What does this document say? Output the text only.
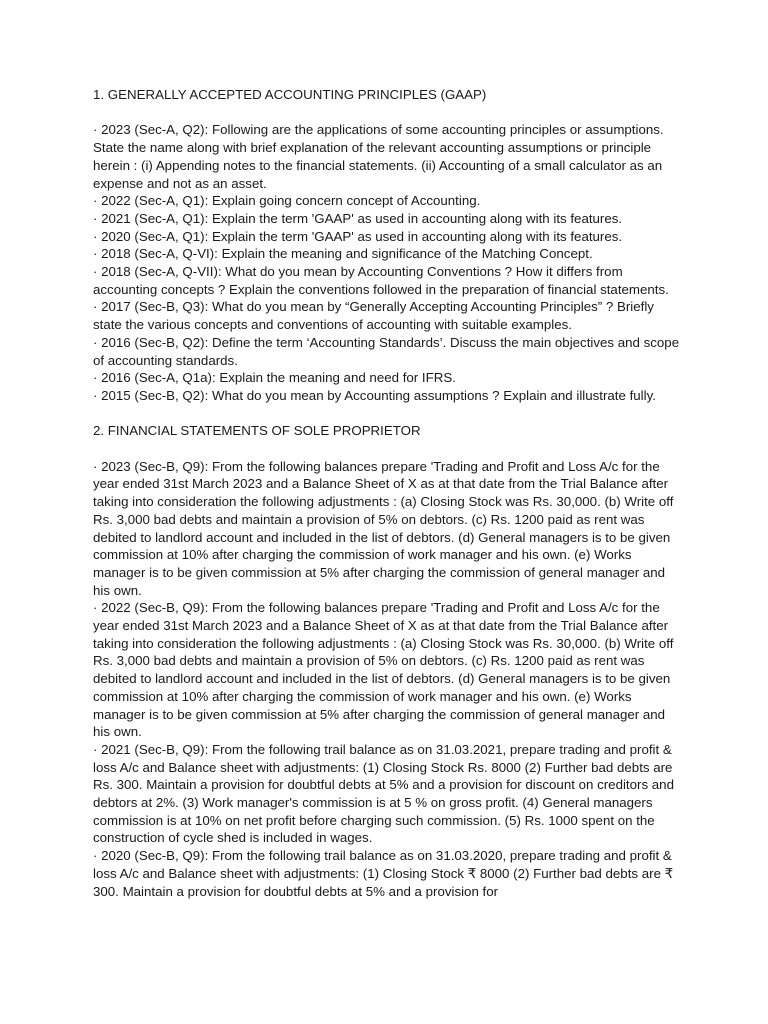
1. GENERALLY ACCEPTED ACCOUNTING PRINCIPLES (GAAP)
· 2023 (Sec-A, Q2): Following are the applications of some accounting principles or assumptions. State the name along with brief explanation of the relevant accounting assumptions or principle herein : (i) Appending notes to the financial statements. (ii) Accounting of a small calculator as an expense and not as an asset.
· 2022 (Sec-A, Q1): Explain going concern concept of Accounting.
· 2021 (Sec-A, Q1): Explain the term 'GAAP' as used in accounting along with its features.
· 2020 (Sec-A, Q1): Explain the term 'GAAP' as used in accounting along with its features.
· 2018 (Sec-A, Q-VI): Explain the meaning and significance of the Matching Concept.
· 2018 (Sec-A, Q-VII): What do you mean by Accounting Conventions ? How it differs from accounting concepts ? Explain the conventions followed in the preparation of financial statements.
· 2017 (Sec-B, Q3): What do you mean by “Generally Accepting Accounting Principles” ? Briefly state the various concepts and conventions of accounting with suitable examples.
· 2016 (Sec-B, Q2): Define the term ‘Accounting Standards’. Discuss the main objectives and scope of accounting standards.
· 2016 (Sec-A, Q1a): Explain the meaning and need for IFRS.
· 2015 (Sec-B, Q2): What do you mean by Accounting assumptions ? Explain and illustrate fully.
2. FINANCIAL STATEMENTS OF SOLE PROPRIETOR
· 2023 (Sec-B, Q9): From the following balances prepare 'Trading and Profit and Loss A/c for the year ended 31st March 2023 and a Balance Sheet of X as at that date from the Trial Balance after taking into consideration the following adjustments : (a) Closing Stock was Rs. 30,000. (b) Write off Rs. 3,000 bad debts and maintain a provision of 5% on debtors. (c) Rs. 1200 paid as rent was debited to landlord account and included in the list of debtors. (d) General managers is to be given commission at 10% after charging the commission of work manager and his own. (e) Works manager is to be given commission at 5% after charging the commission of general manager and his own.
· 2022 (Sec-B, Q9): From the following balances prepare 'Trading and Profit and Loss A/c for the year ended 31st March 2023 and a Balance Sheet of X as at that date from the Trial Balance after taking into consideration the following adjustments : (a) Closing Stock was Rs. 30,000. (b) Write off Rs. 3,000 bad debts and maintain a provision of 5% on debtors. (c) Rs. 1200 paid as rent was debited to landlord account and included in the list of debtors. (d) General managers is to be given commission at 10% after charging the commission of work manager and his own. (e) Works manager is to be given commission at 5% after charging the commission of general manager and his own.
· 2021 (Sec-B, Q9): From the following trail balance as on 31.03.2021, prepare trading and profit & loss A/c and Balance sheet with adjustments: (1) Closing Stock Rs. 8000 (2) Further bad debts are Rs. 300. Maintain a provision for doubtful debts at 5% and a provision for discount on creditors and debtors at 2%. (3) Work manager's commission is at 5 % on gross profit. (4) General managers commission is at 10% on net profit before charging such commission. (5) Rs. 1000 spent on the construction of cycle shed is included in wages.
· 2020 (Sec-B, Q9): From the following trail balance as on 31.03.2020, prepare trading and profit & loss A/c and Balance sheet with adjustments: (1) Closing Stock ₹ 8000 (2) Further bad debts are ₹ 300. Maintain a provision for doubtful debts at 5% and a provision for
